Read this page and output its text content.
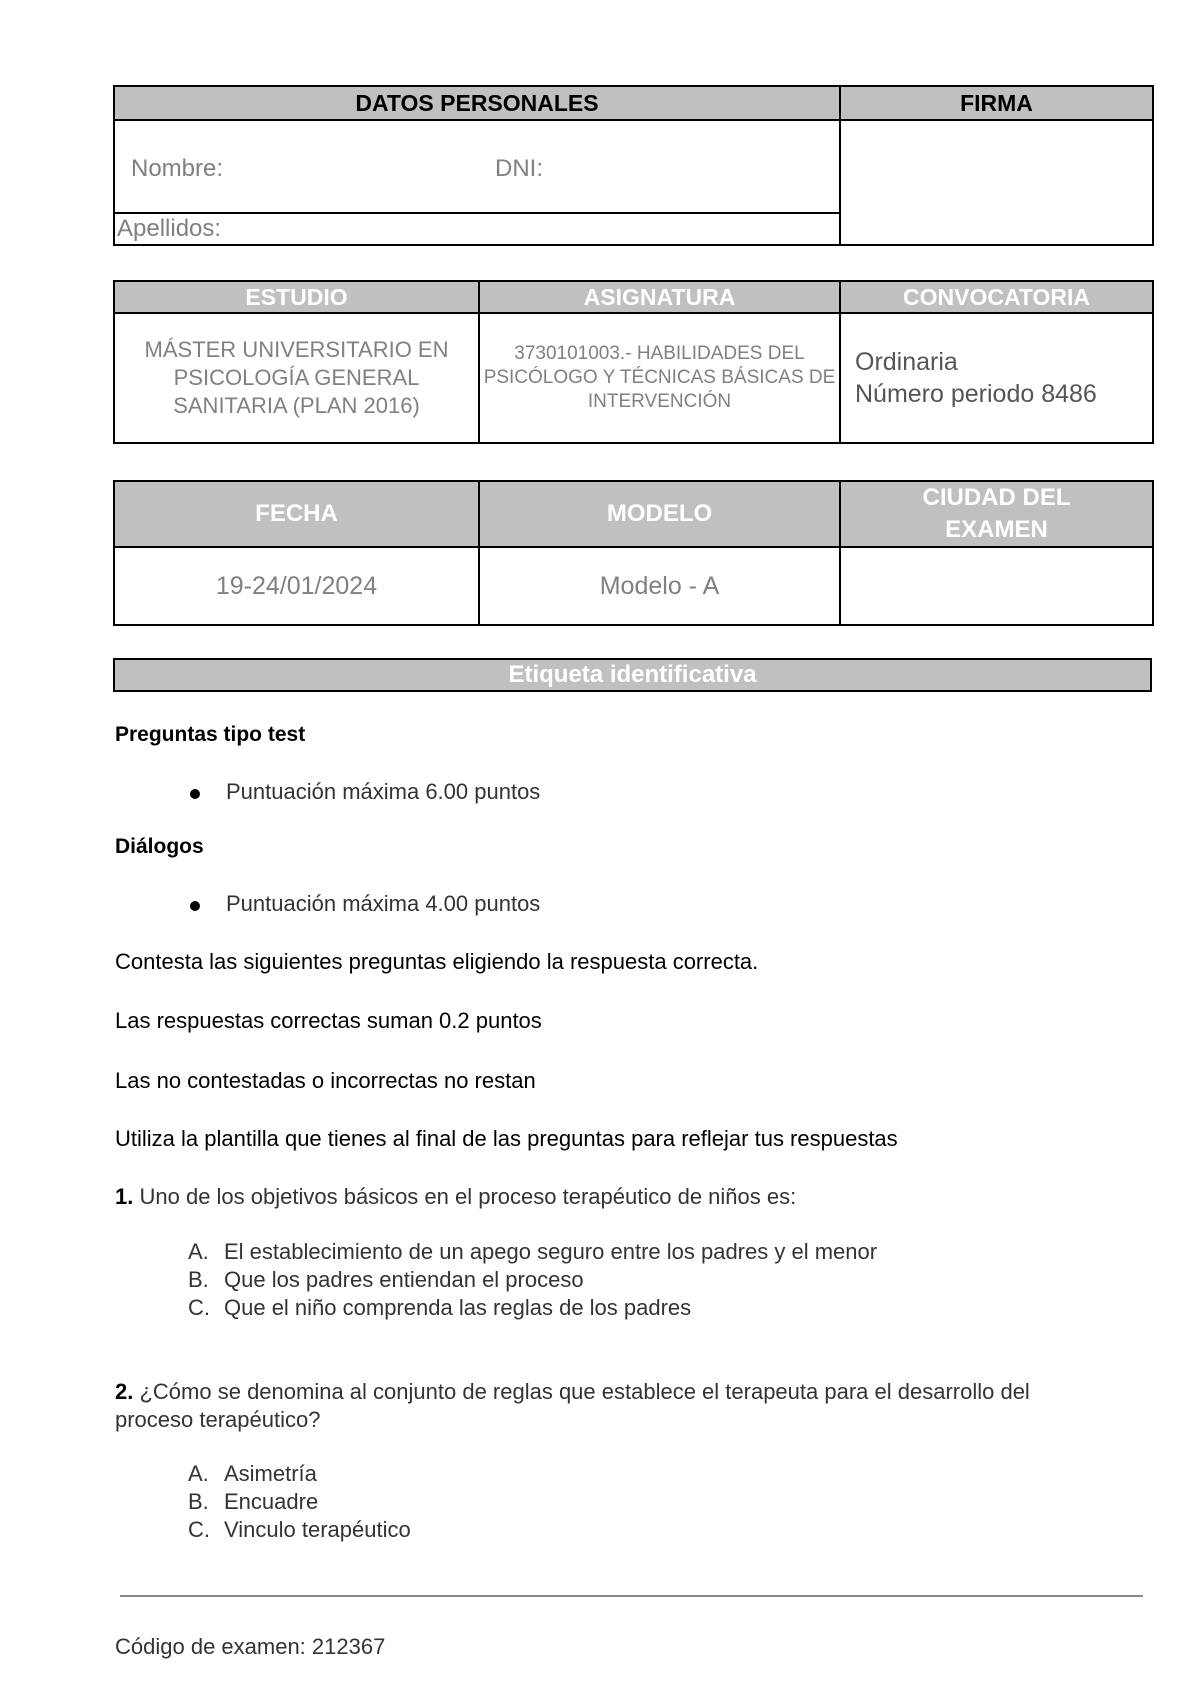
DATOS PERSONALES	FIRMA

Nombre: DNI:	

Apellidos:	
ESTUDIO	ASIGNATURA	CONVOCATORIA
MÁSTER UNIVERSITARIO EN PSICOLOGÍA GENERAL SANITARIA (PLAN 2016)	3730101003.- HABILIDADES DEL PSICÓLOGO Y TÉCNICAS BÁSICAS DE INTERVENCIÓN	Ordinaria
Número periodo 8486
FECHA	MODELO	CIUDAD DEL EXAMEN
19-24/01/2024	Modelo - A	
Etiqueta identificativa
Preguntas tipo test
Puntuación máxima 6.00 puntos
Diálogos
Puntuación máxima 4.00 puntos
Contesta las siguientes preguntas eligiendo la respuesta correcta.
Las respuestas correctas suman 0.2 puntos
Las no contestadas o incorrectas no restan
Utiliza la plantilla que tienes al final de las preguntas para reflejar tus respuestas
1. Uno de los objetivos básicos en el proceso terapéutico de niños es:
A. El establecimiento de un apego seguro entre los padres y el menor
B. Que los padres entiendan el proceso
C. Que el niño comprenda las reglas de los padres
2. ¿Cómo se denomina al conjunto de reglas que establece el terapeuta para el desarrollo del
proceso terapéutico?
A. Asimetría
B. Encuadre
C. Vinculo terapéutico
Código de examen: 212367
